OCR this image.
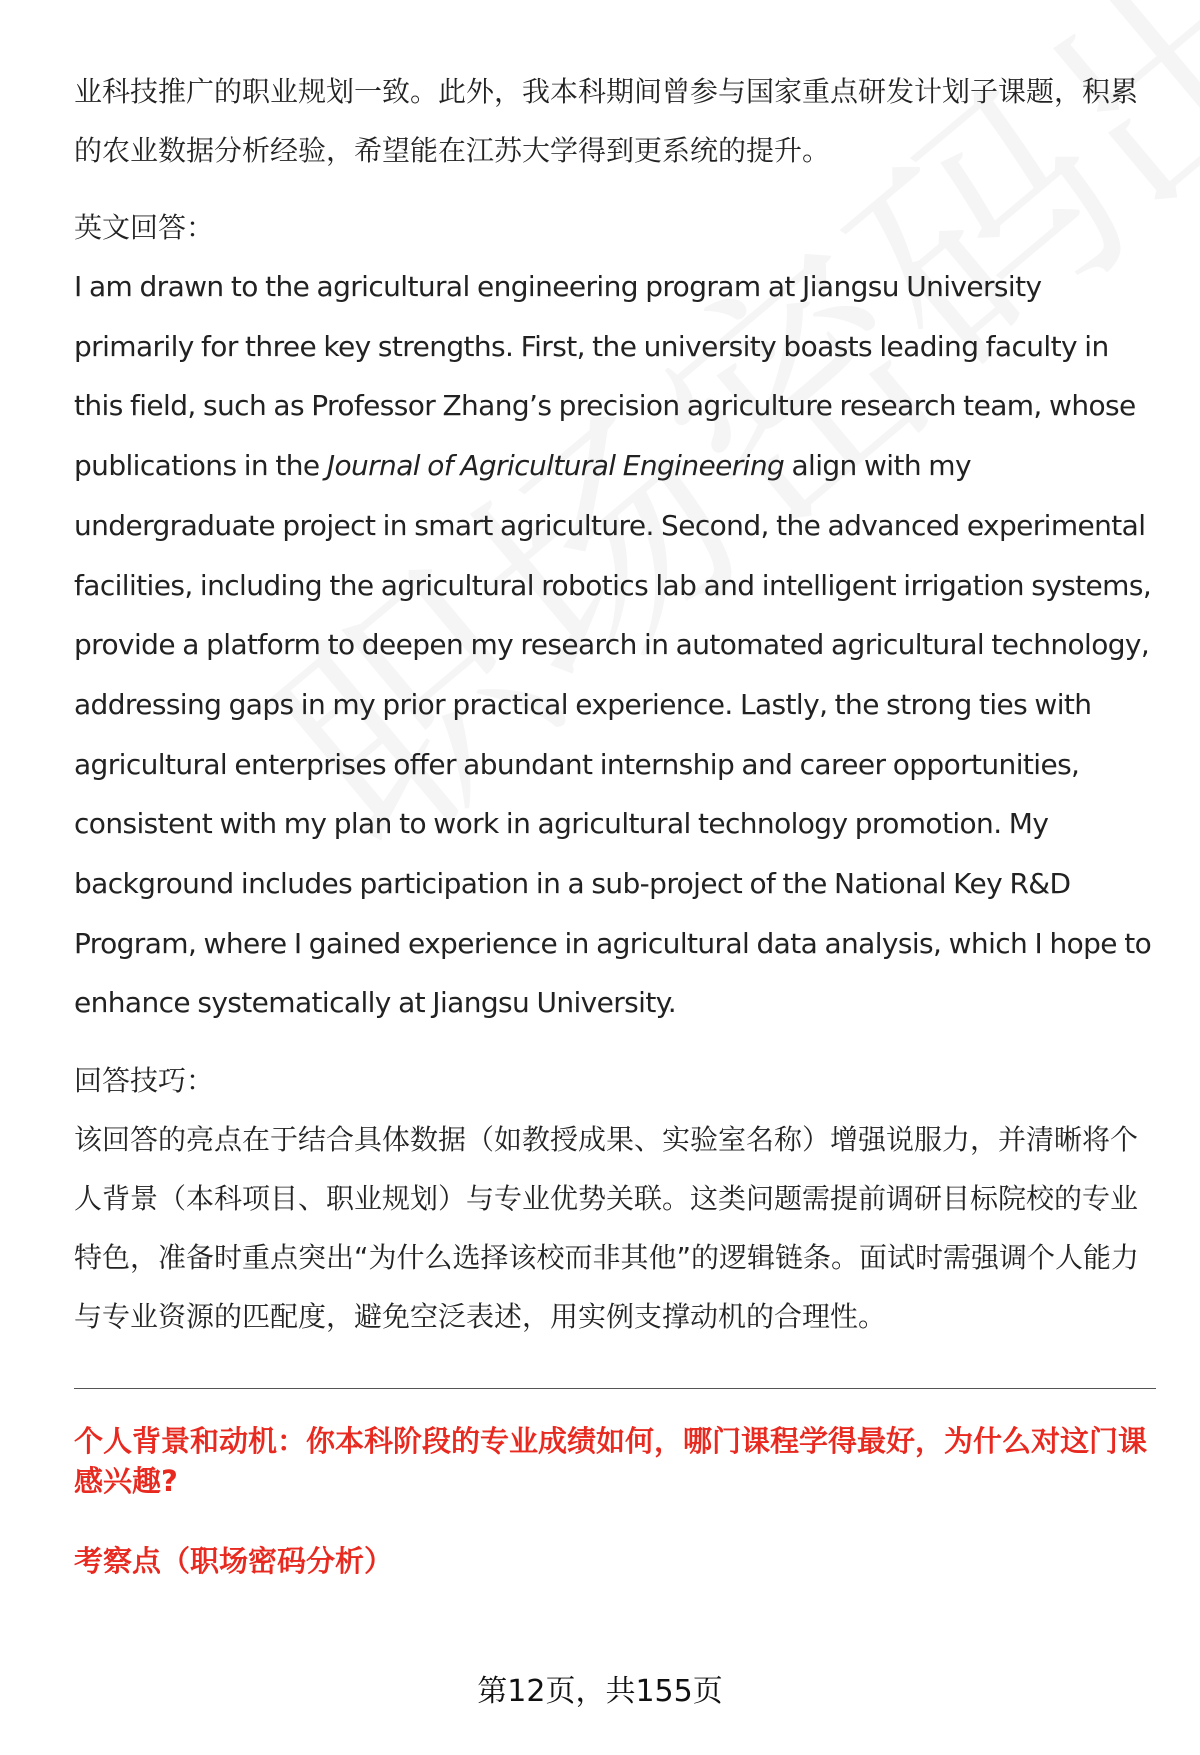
业科技推广的职业规划一致。此外，我本科期间曾参与国家重点研发计划子课题，积累的农业数据分析经验，希望能在江苏大学得到更系统的提升。

英文回答：

I am drawn to the agricultural engineering program at Jiangsu University primarily for three key strengths. First, the university boasts leading faculty in this field, such as Professor Zhang’s precision agriculture research team, whose publications in the Journal of Agricultural Engineering align with my undergraduate project in smart agriculture. Second, the advanced experimental facilities, including the agricultural robotics lab and intelligent irrigation systems, provide a platform to deepen my research in automated agricultural technology, addressing gaps in my prior practical experience. Lastly, the strong ties with agricultural enterprises offer abundant internship and career opportunities, consistent with my plan to work in agricultural technology promotion. My background includes participation in a sub-project of the National Key R&D Program, where I gained experience in agricultural data analysis, which I hope to enhance systematically at Jiangsu University.

回答技巧：

该回答的亮点在于结合具体数据（如教授成果、实验室名称）增强说服力，并清晰将个人背景（本科项目、职业规划）与专业优势关联。这类问题需提前调研目标院校的专业特色，准备时重点突出“为什么选择该校而非其他”的逻辑链条。面试时需强调个人能力与专业资源的匹配度，避免空泛表述，用实例支撑动机的合理性。

个人背景和动机：你本科阶段的专业成绩如何，哪门课程学得最好，为什么对这门课感兴趣?

考察点（职场密码分析）

第12页，共155页
